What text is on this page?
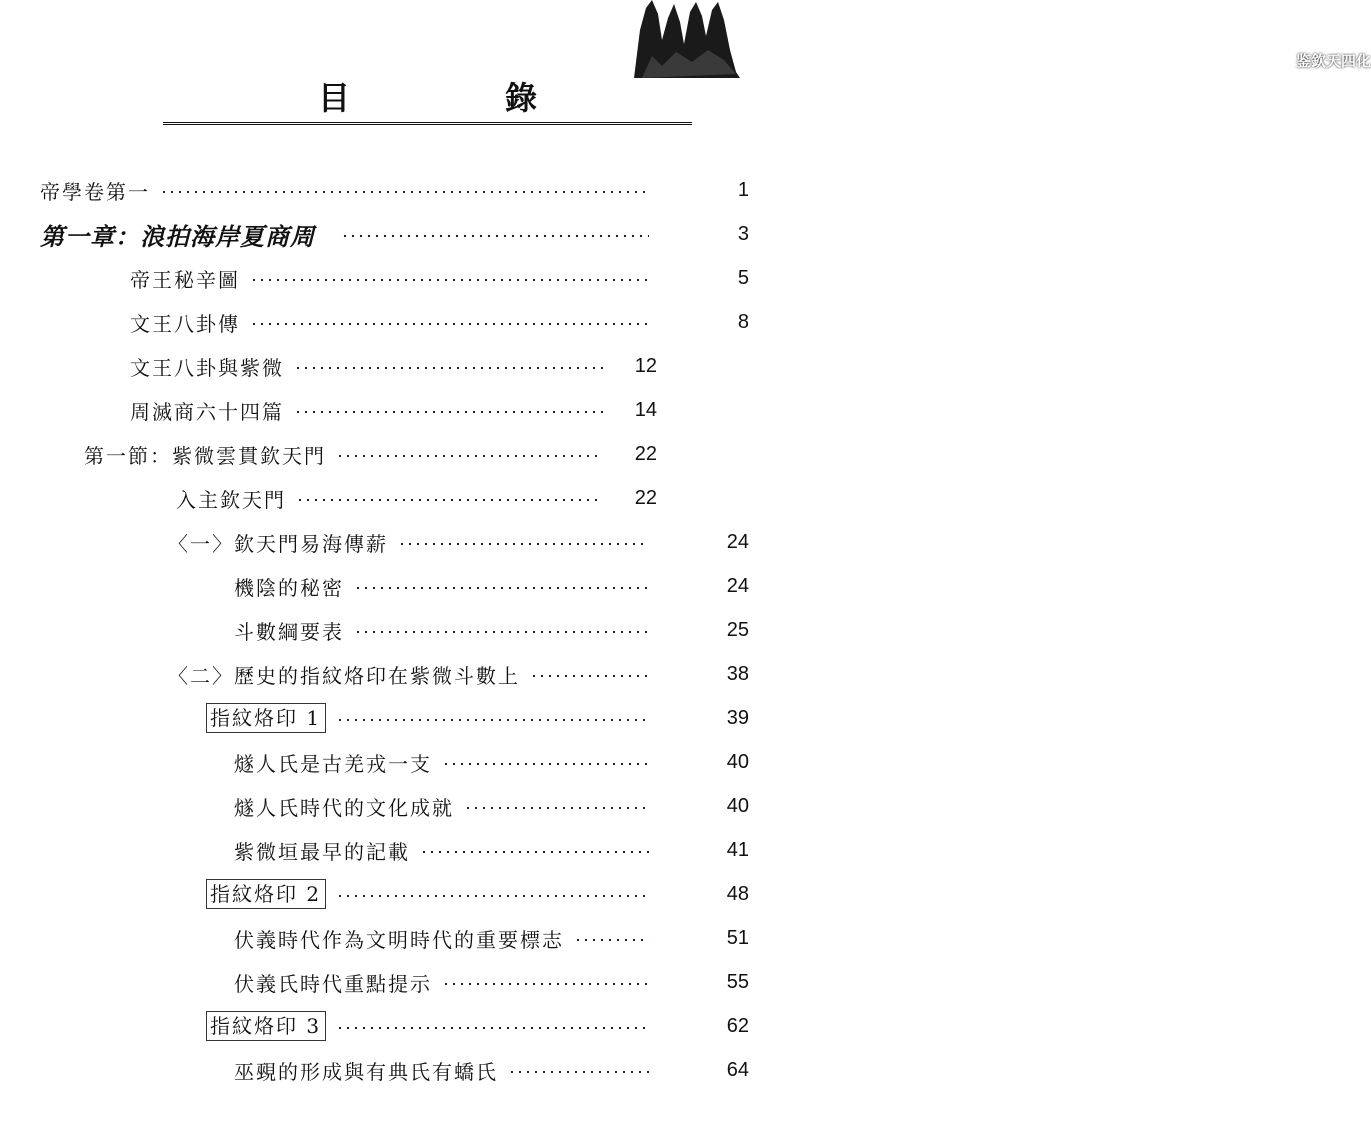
鉴欽天四化
目錄
帝學卷第一	1
第一章：浪拍海岸夏商周	3
帝王秘辛圖	5
文王八卦傳	8
文王八卦與紫微	12
周滅商六十四篇	14
第一節：紫微雲貫欽天門	22
入主欽天門	22
〈一〉欽天門易海傳薪	24
機陰的秘密	24
斗數綱要表	25
〈二〉歷史的指紋烙印在紫微斗數上	38
指紋烙印 1	39
燧人氏是古羌戎一支	40
燧人氏時代的文化成就	40
紫微垣最早的記載	41
指紋烙印 2	48
伏義時代作為文明時代的重要標志	51
伏義氏時代重點提示	55
指紋烙印 3	62
巫覡的形成與有典氏有蟜氏	64
